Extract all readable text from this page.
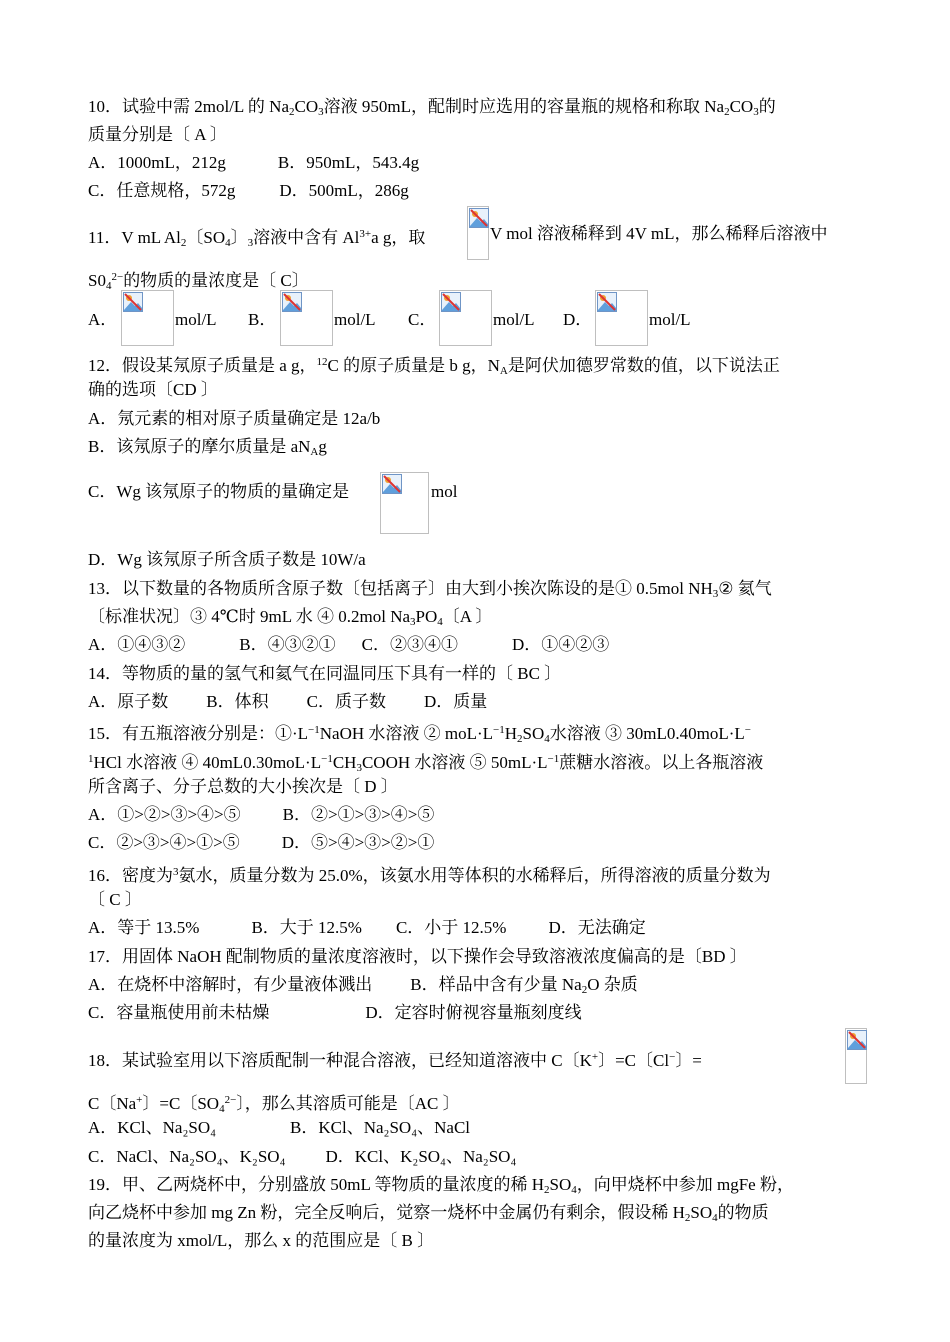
10．试验中需 2mol/L 的 $Na_2CO_3$溶液 950mL，配制时应选用的容量瓶的规格和称取 $Na_2CO_3$的
质量分别是〔 A 〕
A．1000mL，212g	B．950mL，543.4g
C．任意规格，572g	D．500mL，286g
11．V mL $Al_2$〔$SO_4$〕$_3$溶液中含有 $Al^{3+}a$ g，取	V mol 溶液稀释到 4V mL，那么稀释后溶液中
$S0_4^{2-}$的物质的量浓度是〔 C〕
A．	mol/L B．	mol/L C．	mol/L D．	mol/L
12．假设某氖原子质量是 a g，$^{12}$C 的原子质量是 b g，$N_A$是阿伏加德罗常数的值，以下说法正
确的选项〔CD 〕
A．氖元素的相对原子质量确定是 12a/b
B．该氖原子的摩尔质量是 $aN_Ag$
C．Wg 该氖原子的物质的量确定是	mol
D．Wg 该氖原子所含质子数是 10W/a
13．以下数量的各物质所含原子数〔包括离子〕由大到小挨次陈设的是① 0.5mol $NH_3②$ 氦气
〔标准状况〕③ 4℃时 9mL 水 ④ 0.2mol $Na_3PO_4$〔A 〕
A．①④③②	B．④③②① C．②③④①	D．①④②③
14．等物质的量的氢气和氦气在同温同压下具有一样的〔 BC 〕
A．原子数 B．体积 C．质子数 D．质量
15．有五瓶溶液分别是：$①\cdot L^{-1}NaOH$ 水溶液 ② $moL\cdot L^{-1}H_2SO_4$水溶液 ③ 30mL0.40moL·L−
$^1$HCl 水溶液 ④ $40mL0.30moL\cdot L^{-1}CH_3COOH$ 水溶液 ⑤ $50mL\cdot L^{-1}$蔗糖水溶液。以上各瓶溶液
所含离子、分子总数的大小挨次是〔 D 〕
A．①>②>③>④>⑤ B．②>①>③>④>⑤
C．②>③>④>①>⑤ D．⑤>④>③>②>①
16．密度为$^3$氨水，质量分数为 25.0%，该氨水用等体积的水稀释后，所得溶液的质量分数为
〔 C 〕
A．等于 13.5%	B．大于 12.5% C．小于 12.5% D．无法确定
17．用固体 NaOH 配制物质的量浓度溶液时，以下操作会导致溶液浓度偏高的是〔BD 〕
A．在烧杯中溶解时，有少量液体溅出 B．样品中含有少量 $Na_2O$ 杂质
C．容量瓶使用前未枯燥	D．定容时俯视容量瓶刻度线
18．某试验室用以下溶质配制一种混合溶液，已经知道溶液中 C〔K+〕=C〔Cl−〕=
C〔Na+〕=C〔$SO_4^{2-}$〕，那么其溶质可能是〔AC 〕
A．KCl、Na₂SO₄	B．KCl、Na₂SO₄、NaCl
C．NaCl、Na₂SO₄、K₂SO₄ D．KCl、K₂SO₄、Na₂SO₄
19．甲、乙两烧杯中，分别盛放 50mL 等物质的量浓度的稀 $H_2SO_4$，向甲烧杯中参加 mgFe 粉，
向乙烧杯中参加 mg Zn 粉，完全反响后，觉察一烧杯中金属仍有剩余，假设稀 $H_2SO_4$的物质
的量浓度为 xmol/L，那么 x 的范围应是〔 B 〕
